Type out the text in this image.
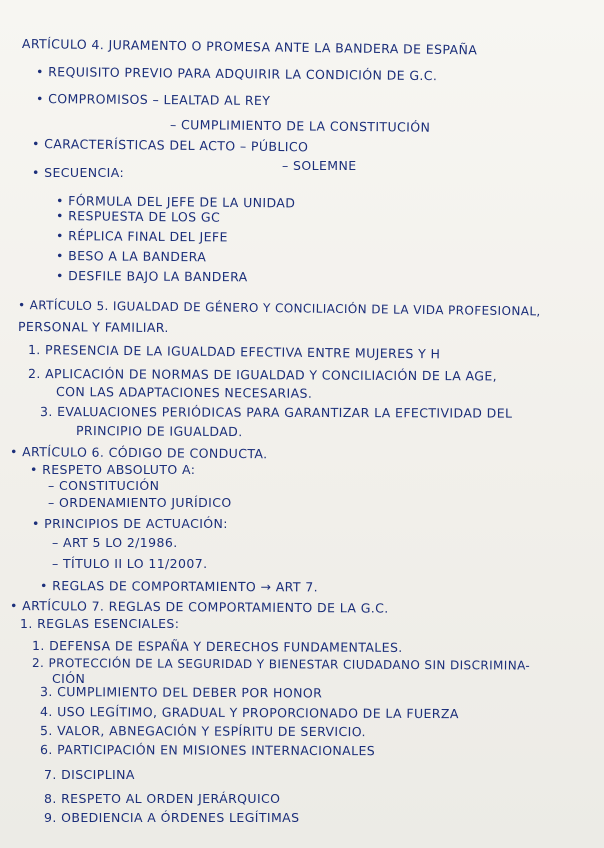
ARTÍCULO 4. JURAMENTO O PROMESA ANTE LA BANDERA DE ESPAÑA
• REQUISITO PREVIO PARA ADQUIRIR LA CONDICIÓN DE G.C.
• COMPROMISOS – LEALTAD AL REY
– CUMPLIMIENTO DE LA CONSTITUCIÓN
• CARACTERÍSTICAS DEL ACTO – PÚBLICO
– SOLEMNE
• SECUENCIA:
• FÓRMULA DEL JEFE DE LA UNIDAD
• RESPUESTA DE LOS GC
• RÉPLICA FINAL DEL JEFE
• BESO A LA BANDERA
• DESFILE BAJO LA BANDERA
• ARTÍCULO 5. IGUALDAD DE GÉNERO Y CONCILIACIÓN DE LA VIDA PROFESIONAL,
PERSONAL Y FAMILIAR.
1. PRESENCIA DE LA IGUALDAD EFECTIVA ENTRE MUJERES Y H
2. APLICACIÓN DE NORMAS DE IGUALDAD Y CONCILIACIÓN DE LA AGE,
CON LAS ADAPTACIONES NECESARIAS.
3. EVALUACIONES PERIÓDICAS PARA GARANTIZAR LA EFECTIVIDAD DEL
PRINCIPIO DE IGUALDAD.
• ARTÍCULO 6. CÓDIGO DE CONDUCTA.
• RESPETO ABSOLUTO A:
– CONSTITUCIÓN
– ORDENAMIENTO JURÍDICO
• PRINCIPIOS DE ACTUACIÓN:
– ART 5 LO 2/1986.
– TÍTULO II LO 11/2007.
• REGLAS DE COMPORTAMIENTO → ART 7.
• ARTÍCULO 7. REGLAS DE COMPORTAMIENTO DE LA G.C.
1. REGLAS ESENCIALES:
1. DEFENSA DE ESPAÑA Y DERECHOS FUNDAMENTALES.
2. PROTECCIÓN DE LA SEGURIDAD Y BIENESTAR CIUDADANO SIN DISCRIMINA-
CIÓN
3. CUMPLIMIENTO DEL DEBER POR HONOR
4. USO LEGÍTIMO, GRADUAL Y PROPORCIONADO DE LA FUERZA
5. VALOR, ABNEGACIÓN Y ESPÍRITU DE SERVICIO.
6. PARTICIPACIÓN EN MISIONES INTERNACIONALES
7. DISCIPLINA
8. RESPETO AL ORDEN JERÁRQUICO
9. OBEDIENCIA A ÓRDENES LEGÍTIMAS
